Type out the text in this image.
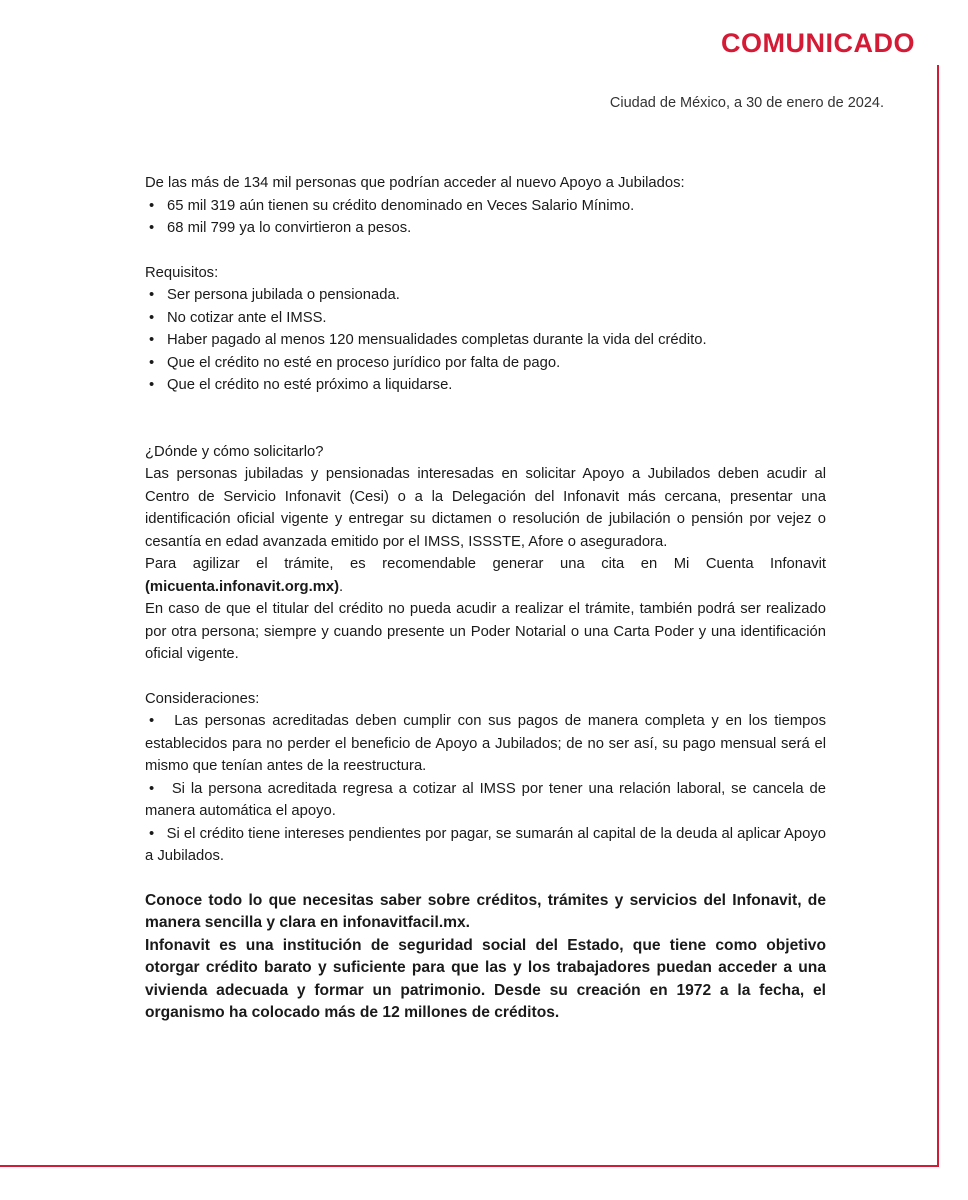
COMUNICADO
Ciudad de México, a 30 de enero de 2024.

De las más de 134 mil personas que podrían acceder al nuevo Apoyo a Jubilados:

• 65 mil 319 aún tienen su crédito denominado en Veces Salario Mínimo.
• 68 mil 799 ya lo convirtieron a pesos.

Requisitos:

• Ser persona jubilada o pensionada.
• No cotizar ante el IMSS.
• Haber pagado al menos 120 mensualidades completas durante la vida del crédito.
• Que el crédito no esté en proceso jurídico por falta de pago.
• Que el crédito no esté próximo a liquidarse.

¿Dónde y cómo solicitarlo?

Las personas jubiladas y pensionadas interesadas en solicitar Apoyo a Jubilados deben acudir al Centro de Servicio Infonavit (Cesi) o a la Delegación del Infonavit más cercana, presentar una identificación oficial vigente y entregar su dictamen o resolución de jubilación o pensión por vejez o cesantía en edad avanzada emitido por el IMSS, ISSSTE, Afore o aseguradora.

Para agilizar el trámite, es recomendable generar una cita en Mi Cuenta Infonavit (micuenta.infonavit.org.mx).

En caso de que el titular del crédito no pueda acudir a realizar el trámite, también podrá ser realizado por otra persona; siempre y cuando presente un Poder Notarial o una Carta Poder y una identificación oficial vigente.

Consideraciones:

•   Las personas acreditadas deben cumplir con sus pagos de manera completa y en los tiempos establecidos para no perder el beneficio de Apoyo a Jubilados; de no ser así, su pago mensual será el mismo que tenían antes de la reestructura.
•   Si la persona acreditada regresa a cotizar al IMSS por tener una relación laboral, se cancela de manera automática el apoyo.
•   Si el crédito tiene intereses pendientes por pagar, se sumarán al capital de la deuda al aplicar Apoyo a Jubilados.

Conoce todo lo que necesitas saber sobre créditos, trámites y servicios del Infonavit, de manera sencilla y clara en infonavitfacil.mx.

Infonavit es una institución de seguridad social del Estado, que tiene como objetivo otorgar crédito barato y suficiente para que las y los trabajadores puedan acceder a una vivienda adecuada y formar un patrimonio. Desde su creación en 1972 a la fecha, el organismo ha colocado más de 12 millones de créditos.
